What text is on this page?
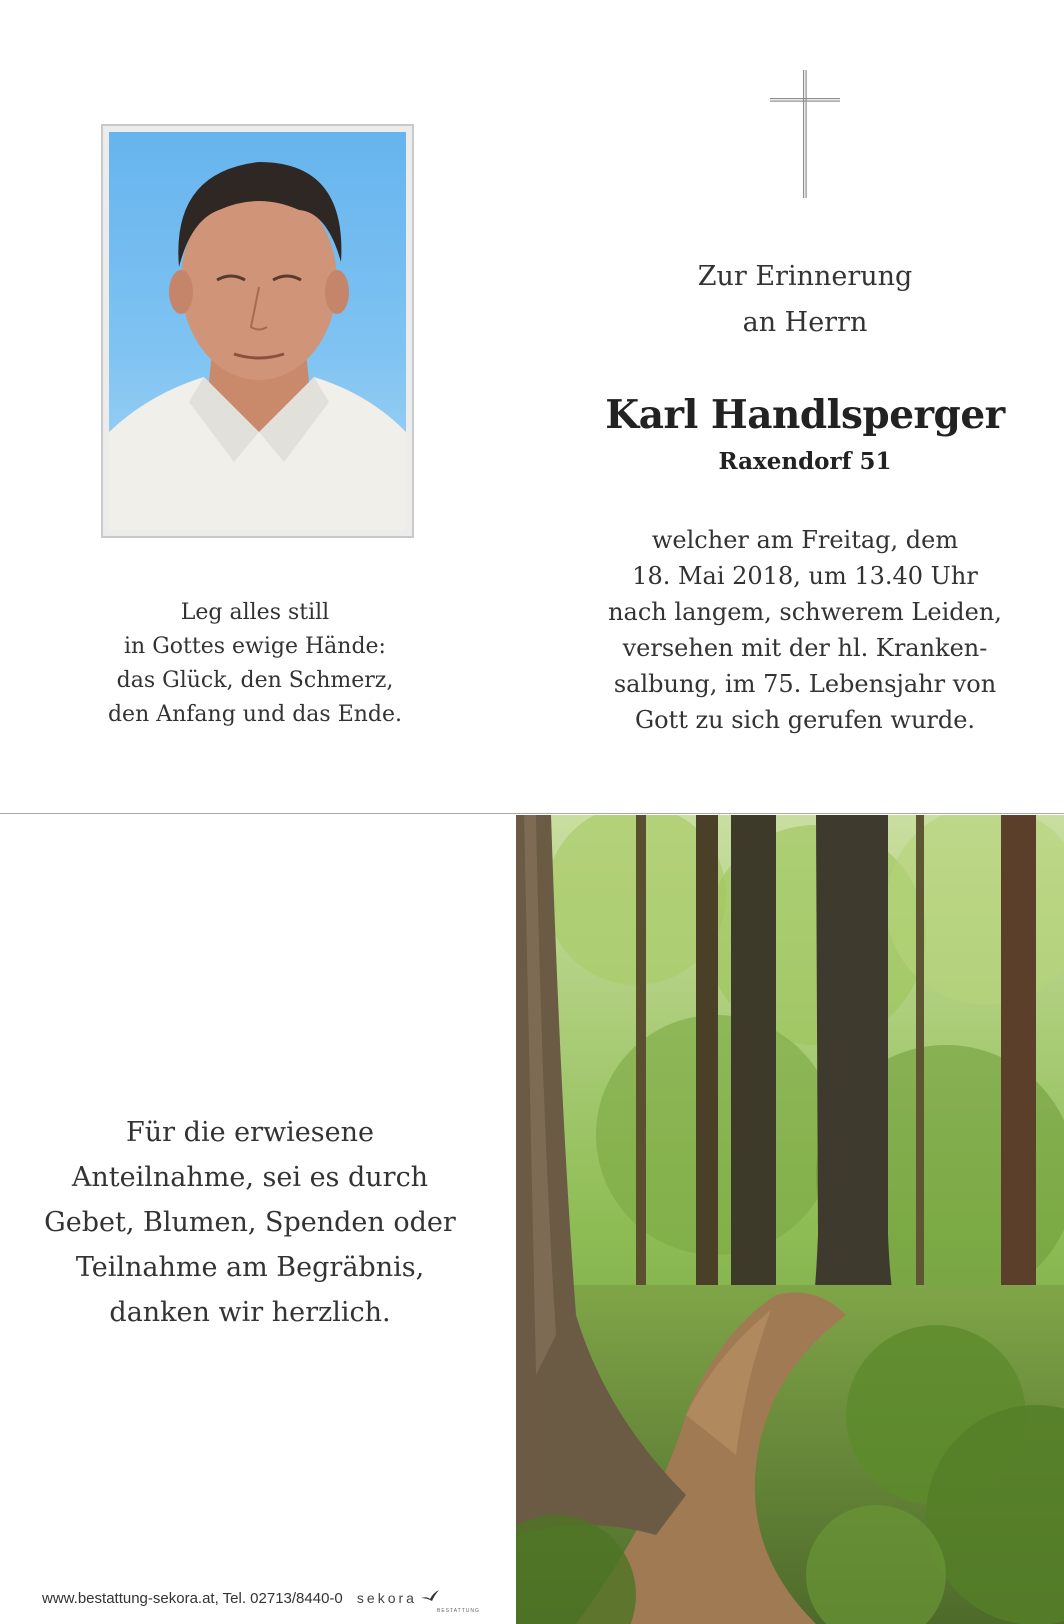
Leg alles still
in Gottes ewige Hände:
das Glück, den Schmerz,
den Anfang und das Ende.
Zur Erinnerung
an Herrn
Karl Handlsperger
Raxendorf 51
welcher am Freitag, dem
18. Mai 2018, um 13.40 Uhr
nach langem, schwerem Leiden,
versehen mit der hl. Kranken-
salbung, im 75. Lebensjahr von
Gott zu sich gerufen wurde.
Für die erwiesene
Anteilnahme, sei es durch
Gebet, Blumen, Spenden oder
Teilnahme am Begräbnis,
danken wir herzlich.
www.bestattung-sekora.at, Tel. 02713/8440-0 sekora
BESTATTUNG
